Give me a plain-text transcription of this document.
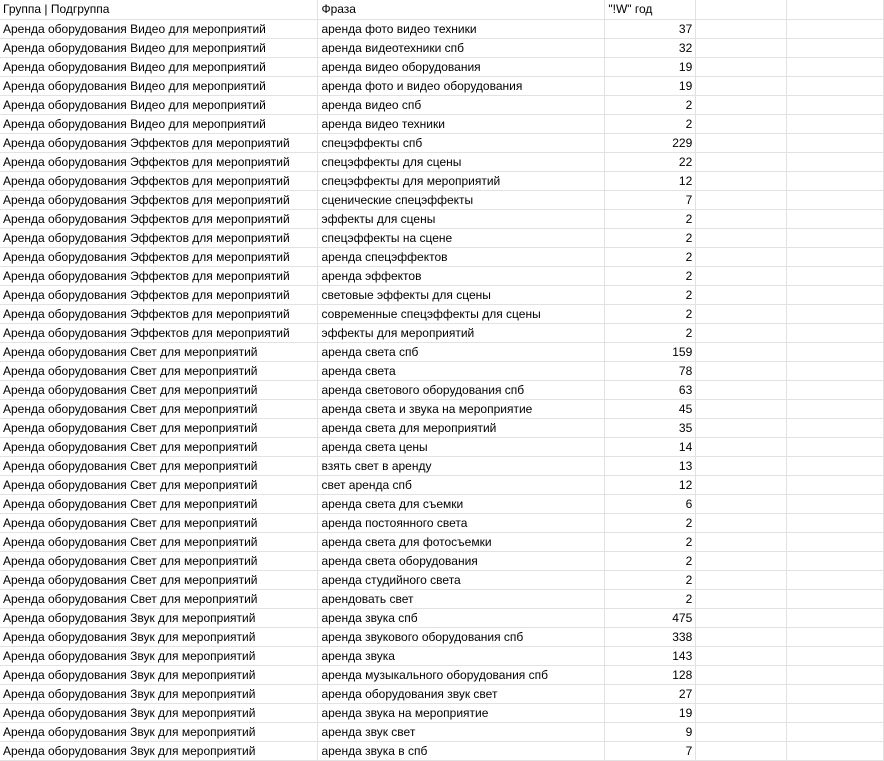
Группа | Подгруппа	Фраза	"!W" год		
Аренда оборудования Видео для мероприятий	аренда фото видео техники	37		
Аренда оборудования Видео для мероприятий	аренда видеотехники спб	32		
Аренда оборудования Видео для мероприятий	аренда видео оборудования	19		
Аренда оборудования Видео для мероприятий	аренда фото и видео оборудования	19		
Аренда оборудования Видео для мероприятий	аренда видео спб	2		
Аренда оборудования Видео для мероприятий	аренда видео техники	2		
Аренда оборудования Эффектов для мероприятий	спецэффекты спб	229		
Аренда оборудования Эффектов для мероприятий	спецэффекты для сцены	22		
Аренда оборудования Эффектов для мероприятий	спецэффекты для мероприятий	12		
Аренда оборудования Эффектов для мероприятий	сценические спецэффекты	7		
Аренда оборудования Эффектов для мероприятий	эффекты для сцены	2		
Аренда оборудования Эффектов для мероприятий	спецэффекты на сцене	2		
Аренда оборудования Эффектов для мероприятий	аренда спецэффектов	2		
Аренда оборудования Эффектов для мероприятий	аренда эффектов	2		
Аренда оборудования Эффектов для мероприятий	световые эффекты для сцены	2		
Аренда оборудования Эффектов для мероприятий	современные спецэффекты для сцены	2		
Аренда оборудования Эффектов для мероприятий	эффекты для мероприятий	2		
Аренда оборудования Свет для мероприятий	аренда света спб	159		
Аренда оборудования Свет для мероприятий	аренда света	78		
Аренда оборудования Свет для мероприятий	аренда светового оборудования спб	63		
Аренда оборудования Свет для мероприятий	аренда света и звука на мероприятие	45		
Аренда оборудования Свет для мероприятий	аренда света для мероприятий	35		
Аренда оборудования Свет для мероприятий	аренда света цены	14		
Аренда оборудования Свет для мероприятий	взять свет в аренду	13		
Аренда оборудования Свет для мероприятий	свет аренда спб	12		
Аренда оборудования Свет для мероприятий	аренда света для съемки	6		
Аренда оборудования Свет для мероприятий	аренда постоянного света	2		
Аренда оборудования Свет для мероприятий	аренда света для фотосъемки	2		
Аренда оборудования Свет для мероприятий	аренда света оборудования	2		
Аренда оборудования Свет для мероприятий	аренда студийного света	2		
Аренда оборудования Свет для мероприятий	арендовать свет	2		
Аренда оборудования Звук для мероприятий	аренда звука спб	475		
Аренда оборудования Звук для мероприятий	аренда звукового оборудования спб	338		
Аренда оборудования Звук для мероприятий	аренда звука	143		
Аренда оборудования Звук для мероприятий	аренда музыкального оборудования спб	128		
Аренда оборудования Звук для мероприятий	аренда оборудования звук свет	27		
Аренда оборудования Звук для мероприятий	аренда звука на мероприятие	19		
Аренда оборудования Звук для мероприятий	аренда звук свет	9		
Аренда оборудования Звук для мероприятий	аренда звука в спб	7		
